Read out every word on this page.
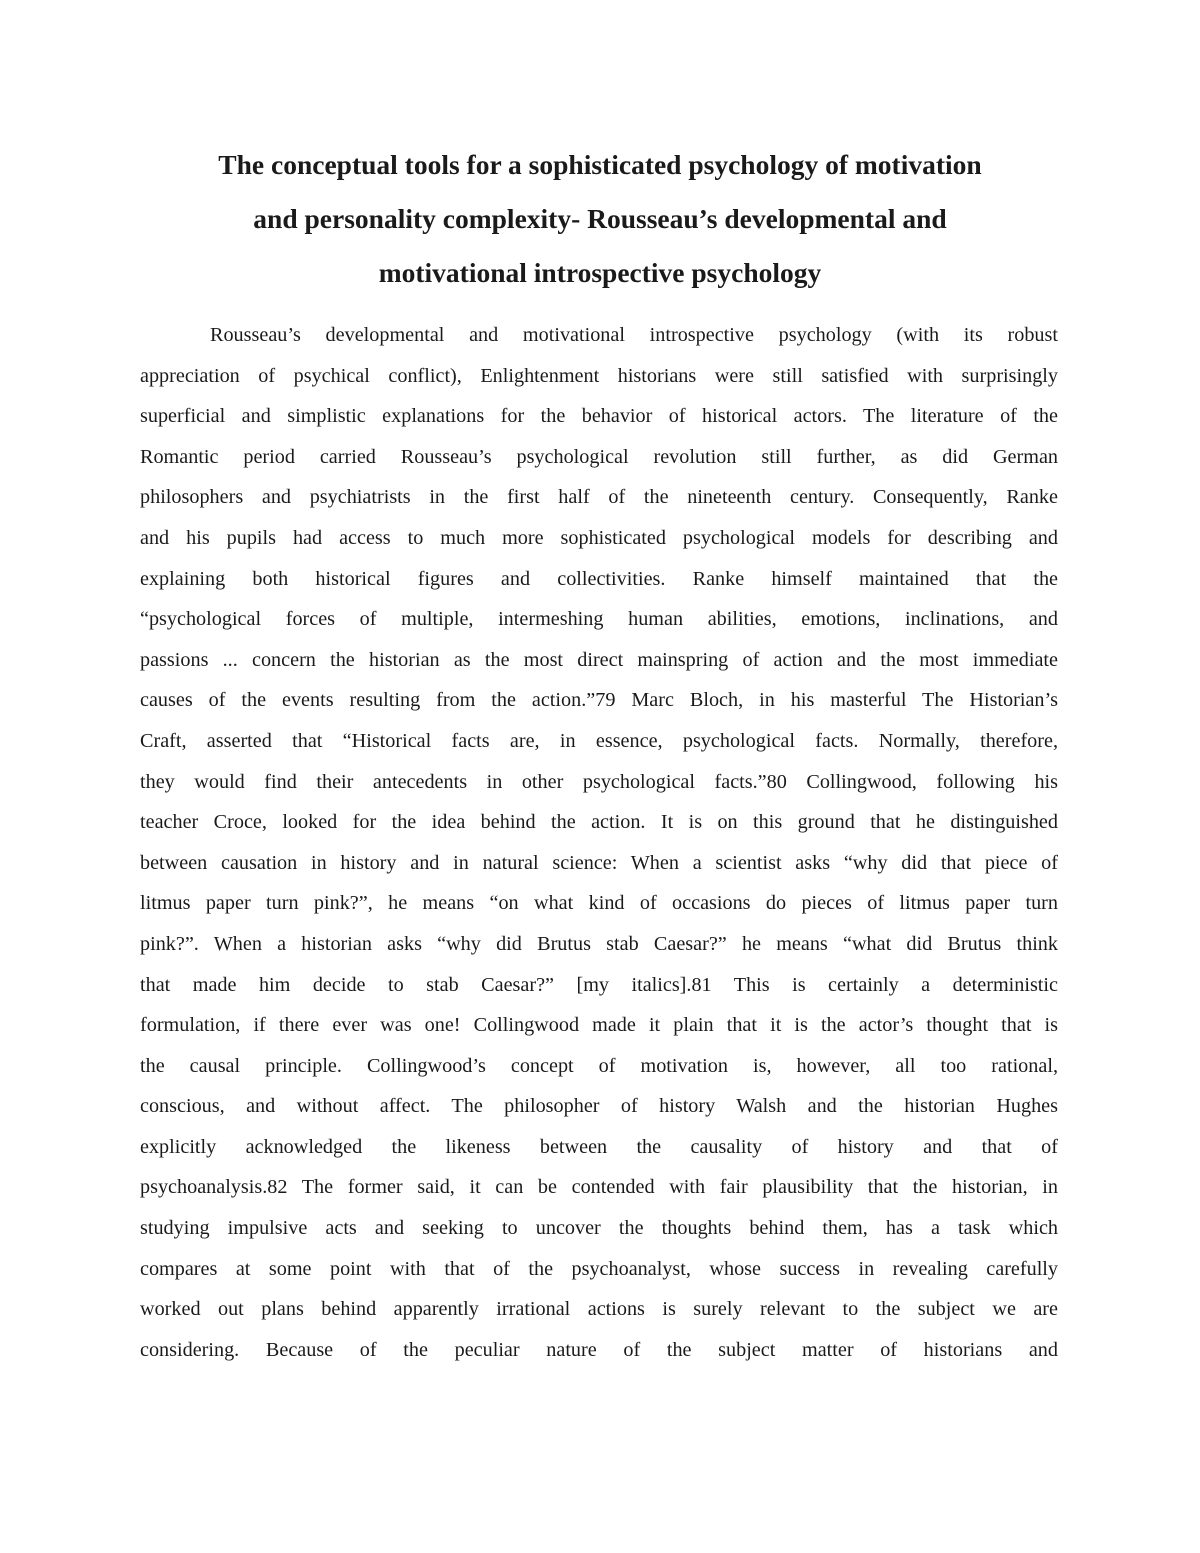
The conceptual tools for a sophisticated psychology of motivation
and personality complexity- Rousseau’s developmental and
motivational introspective psychology
Rousseau’s developmental and motivational introspective psychology (with its robust
appreciation of psychical conflict), Enlightenment historians were still satisfied with surprisingly
superficial and simplistic explanations for the behavior of historical actors. The literature of the
Romantic period carried Rousseau’s psychological revolution still further, as did German
philosophers and psychiatrists in the first half of the nineteenth century. Consequently, Ranke
and his pupils had access to much more sophisticated psychological models for describing and
explaining both historical figures and collectivities. Ranke himself maintained that the
“psychological forces of multiple, intermeshing human abilities, emotions, inclinations, and
passions ... concern the historian as the most direct mainspring of action and the most immediate
causes of the events resulting from the action.”79 Marc Bloch, in his masterful The Historian’s
Craft, asserted that “Historical facts are, in essence, psychological facts. Normally, therefore,
they would find their antecedents in other psychological facts.”80 Collingwood, following his
teacher Croce, looked for the idea behind the action. It is on this ground that he distinguished
between causation in history and in natural science: When a scientist asks “why did that piece of
litmus paper turn pink?”, he means “on what kind of occasions do pieces of litmus paper turn
pink?”. When a historian asks “why did Brutus stab Caesar?” he means “what did Brutus think
that made him decide to stab Caesar?” [my italics].81 This is certainly a deterministic
formulation, if there ever was one! Collingwood made it plain that it is the actor’s thought that is
the causal principle. Collingwood’s concept of motivation is, however, all too rational,
conscious, and without affect. The philosopher of history Walsh and the historian Hughes
explicitly acknowledged the likeness between the causality of history and that of
psychoanalysis.82 The former said, it can be contended with fair plausibility that the historian, in
studying impulsive acts and seeking to uncover the thoughts behind them, has a task which
compares at some point with that of the psychoanalyst, whose success in revealing carefully
worked out plans behind apparently irrational actions is surely relevant to the subject we are
considering. Because of the peculiar nature of the subject matter of historians and
